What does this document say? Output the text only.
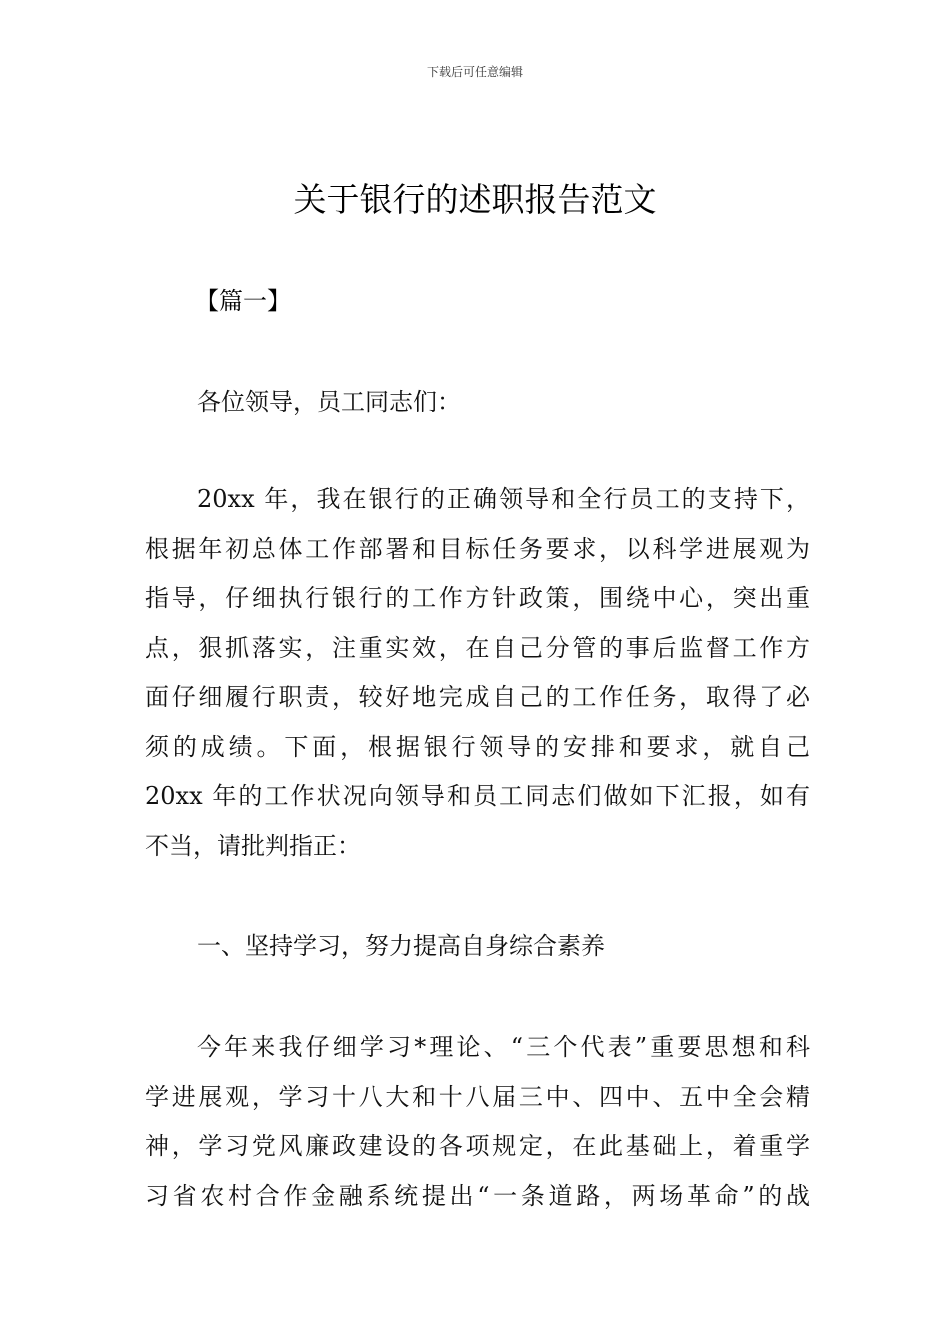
下载后可任意编辑
关于银行的述职报告范文
【篇一】

各位领导，员工同志们：

20xx 年，我在银行的正确领导和全行员工的支持下，
根据年初总体工作部署和目标任务要求，以科学进展观为
指导，仔细执行银行的工作方针政策，围绕中心，突出重
点，狠抓落实，注重实效，在自己分管的事后监督工作方
面仔细履行职责，较好地完成自己的工作任务，取得了必
须的成绩。下面，根据银行领导的安排和要求，就自己
20xx 年的工作状况向领导和员工同志们做如下汇报，如有
不当，请批判指正：

一、坚持学习，努力提高自身综合素养

今年来我仔细学习*理论、“三个代表”重要思想和科
学进展观，学习十八大和十八届三中、四中、五中全会精
神，学习党风廉政建设的各项规定，在此基础上，着重学
习省农村合作金融系统提出“一条道路，两场革命”的战
